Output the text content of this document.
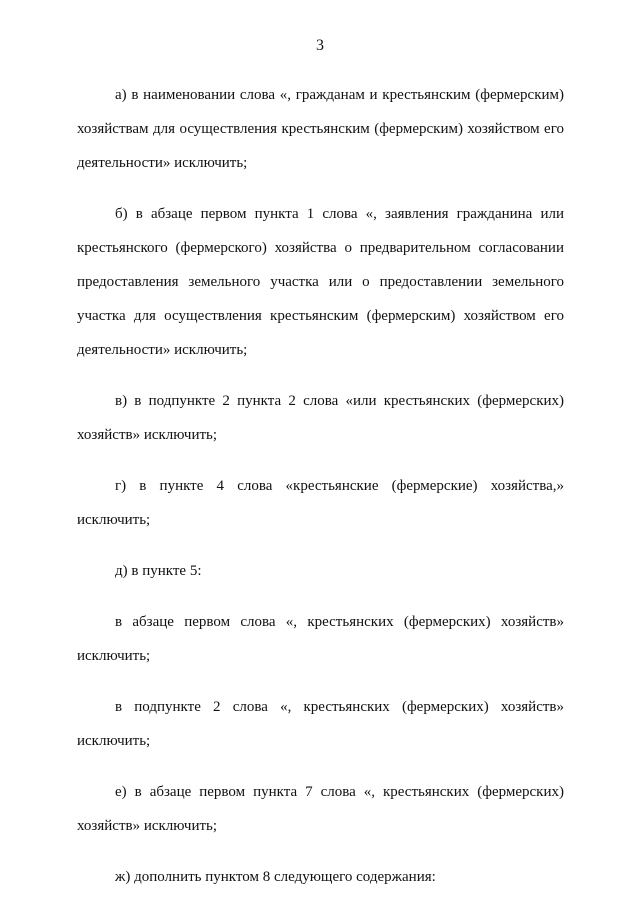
3

а) в наименовании слова «, гражданам и крестьянским (фермерским) хозяйствам для осуществления крестьянским (фермерским) хозяйством его деятельности» исключить;

б) в абзаце первом пункта 1 слова «, заявления гражданина или крестьянского (фермерского) хозяйства о предварительном согласовании предоставления земельного участка или о предоставлении земельного участка для осуществления крестьянским (фермерским) хозяйством его деятельности» исключить;

в) в подпункте 2 пункта 2 слова «или крестьянских (фермерских) хозяйств» исключить;

г) в пункте 4 слова «крестьянские (фермерские) хозяйства,» исключить;

д) в пункте 5:

в абзаце первом слова «, крестьянских (фермерских) хозяйств» исключить;

в подпункте 2 слова «, крестьянских (фермерских) хозяйств» исключить;

е) в абзаце первом пункта 7 слова «, крестьянских (фермерских) хозяйств» исключить;

ж) дополнить пунктом 8 следующего содержания:
